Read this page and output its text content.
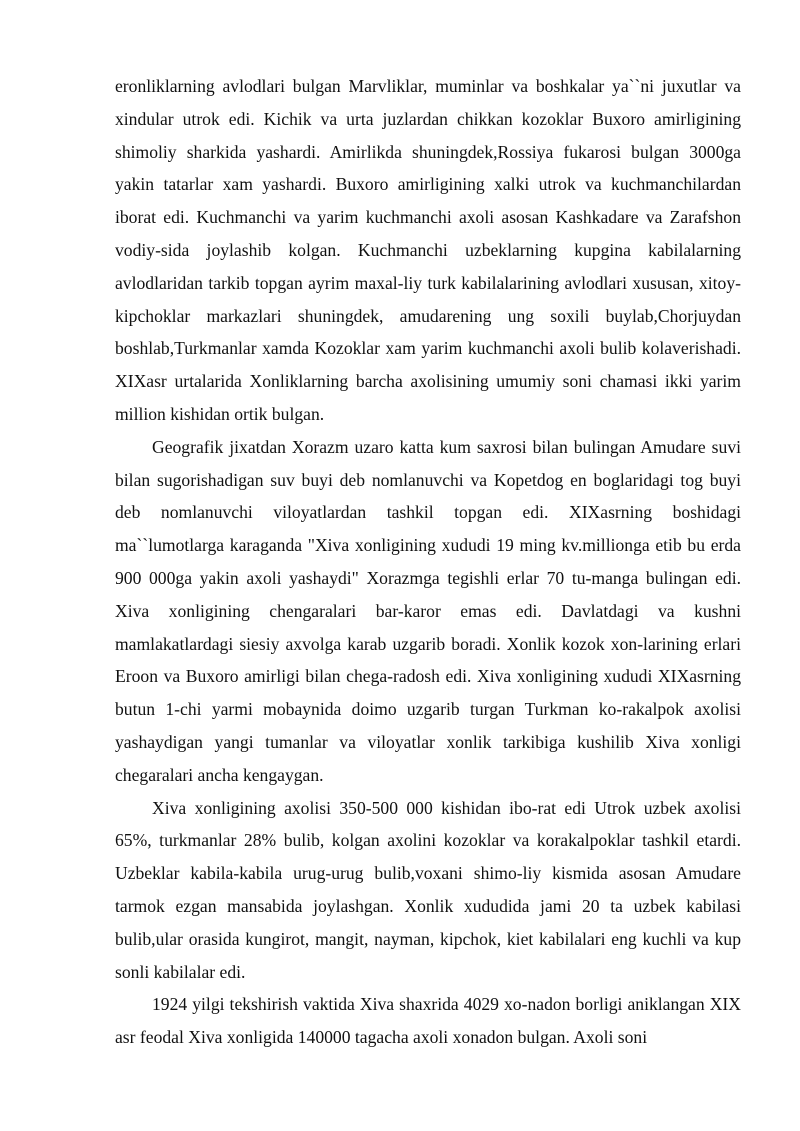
eronliklarning avlodlari bulgan Marvliklar, muminlar va boshkalar ya``ni juxutlar va xindular utrok edi. Kichik va urta juzlardan chikkan kozoklar Buxoro amirligining shimoliy sharkida yashardi. Amirlikda shuningdek,Rossiya fukarosi bulgan 3000ga yakin tatarlar xam yashardi. Buxoro amirligining xalki utrok va kuchmanchilardan iborat edi. Kuchmanchi va yarim kuchmanchi axoli asosan Kashkadare va Zarafshon vodiy-sida joylashib kolgan. Kuchmanchi uzbeklarning kupgina kabilalarning avlodlaridan tarkib topgan ayrim maxal-liy turk kabilalarining avlodlari xususan, xitoy-kipchoklar markazlari shuningdek, amudarening ung soxili buylab,Chorjuydan boshlab,Turkmanlar xamda Kozoklar xam yarim kuchmanchi axoli bulib kolaverishadi. XIXasr urtalarida Xonliklarning barcha axolisining umumiy soni chamasi ikki yarim million kishidan ortik bulgan.

Geografik jixatdan Xorazm uzaro katta kum saxrosi bilan bulingan Amudare suvi bilan sugorishadigan suv buyi deb nomlanuvchi va Kopetdog en boglaridagi tog buyi deb nomlanuvchi viloyatlardan tashkil topgan edi. XIXasrning boshidagi ma``lumotlarga karaganda "Xiva xonligining xududi 19 ming kv.millionga etib bu erda 900 000ga yakin axoli yashaydi" Xorazmga tegishli erlar 70 tu-manga bulingan edi. Xiva xonligining chengaralari bar-karor emas edi. Davlatdagi va kushni mamlakatlardagi siesiy axvolga karab uzgarib boradi. Xonlik kozok xon-larining erlari Eroon va Buxoro amirligi bilan chega-radosh edi. Xiva xonligining xududi XIXasrning butun 1-chi yarmi mobaynida doimo uzgarib turgan Turkman ko-rakalpok axolisi yashaydigan yangi tumanlar va viloyatlar xonlik tarkibiga kushilib Xiva xonligi chegaralari ancha kengaygan.

Xiva xonligining axolisi 350-500 000 kishidan ibo-rat edi Utrok uzbek axolisi 65%, turkmanlar 28% bulib, kolgan axolini kozoklar va korakalpoklar tashkil etardi. Uzbeklar kabila-kabila urug-urug bulib,voxani shimo-liy kismida asosan Amudare tarmok ezgan mansabida joylashgan. Xonlik xududida jami 20 ta uzbek kabilasi bulib,ular orasida kungirot, mangit, nayman, kipchok, kiet kabilalari eng kuchli va kup sonli kabilalar edi.

1924 yilgi tekshirish vaktida Xiva shaxrida 4029 xo-nadon borligi aniklangan XIX asr feodal Xiva xonligida 140000 tagacha axoli xonadon bulgan. Axoli soni
